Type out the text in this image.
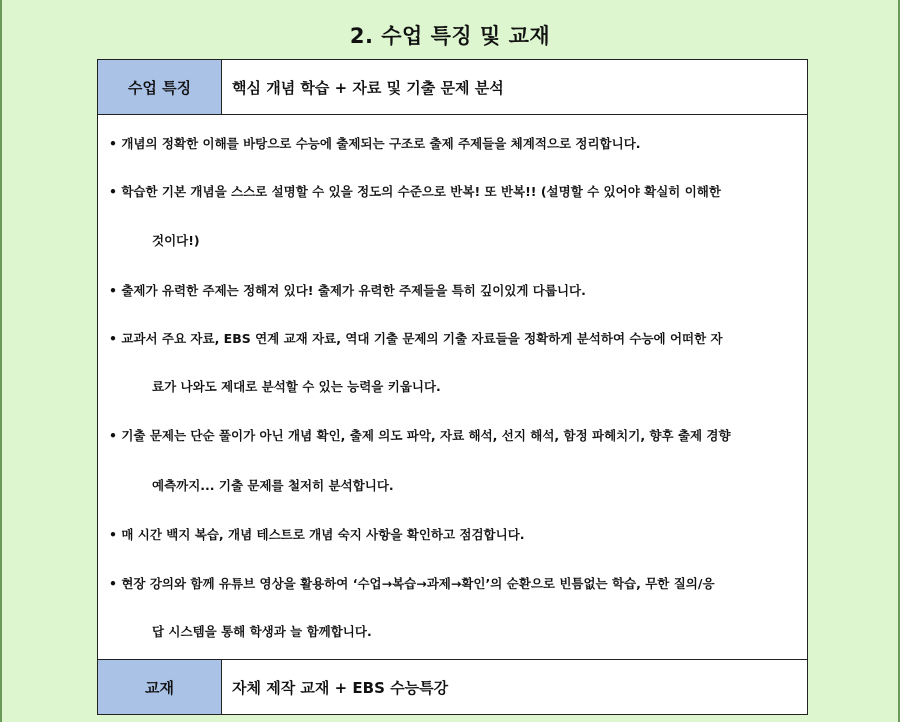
2. 수업 특징 및 교재
수업 특징	핵심 개념 학습 + 자료 및 기출 문제 분석
• 개념의 정확한 이해를 바탕으로 수능에 출제되는 구조로 출제 주제들을 체계적으로 정리합니다.
• 학습한 기본 개념을 스스로 설명할 수 있을 정도의 수준으로 반복! 또 반복!! (설명할 수 있어야 확실히 이해한
것이다!)
• 출제가 유력한 주제는 정해져 있다! 출제가 유력한 주제들을 특히 깊이있게 다룹니다.
• 교과서 주요 자료, EBS 연계 교재 자료, 역대 기출 문제의 기출 자료들을 정확하게 분석하여 수능에 어떠한 자
료가 나와도 제대로 분석할 수 있는 능력을 키웁니다.
• 기출 문제는 단순 풀이가 아닌 개념 확인, 출제 의도 파악, 자료 해석, 선지 해석, 함정 파헤치기, 향후 출제 경향
예측까지... 기출 문제를 철저히 분석합니다.
• 매 시간 백지 복습, 개념 테스트로 개념 숙지 사항을 확인하고 점검합니다.
• 현장 강의와 함께 유튜브 영상을 활용하여 ‘수업→복습→과제→확인’의 순환으로 빈틈없는 학습, 무한 질의/응
답 시스템을 통해 학생과 늘 함께합니다.
교재	자체 제작 교재 + EBS 수능특강
